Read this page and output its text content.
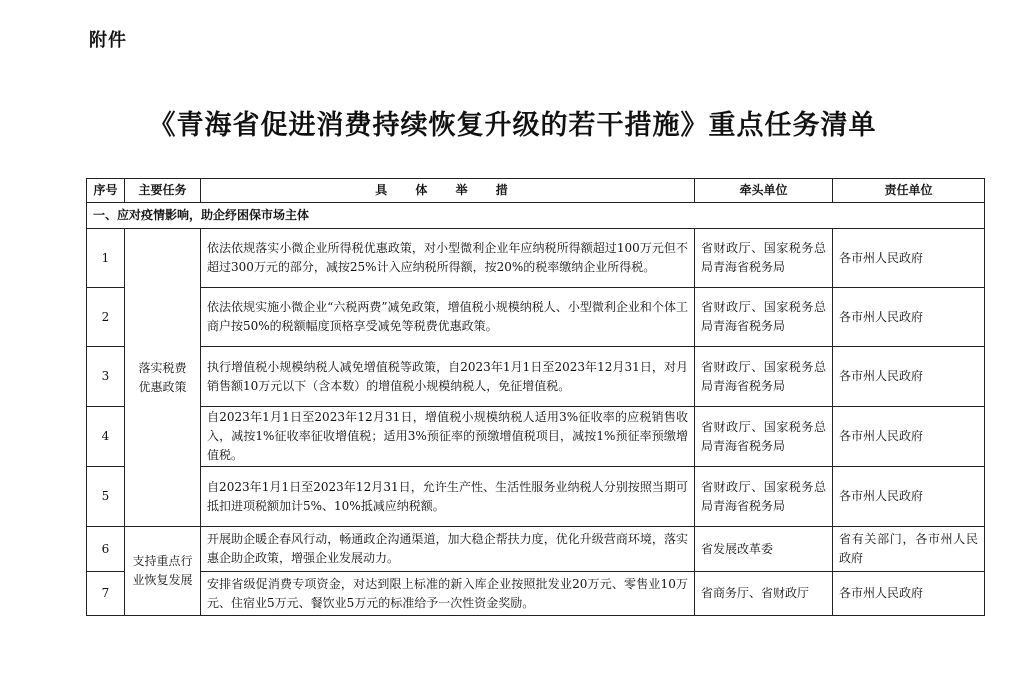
附件
《青海省促进消费持续恢复升级的若干措施》重点任务清单
序号	主要任务	具 体 举 措	牵头单位	责任单位
一、应对疫情影响，助企纾困保市场主体				
1	落实税费优惠政策	依法依规落实小微企业所得税优惠政策，对小型微利企业年应纳税所得额超过100万元但不超过300万元的部分，减按25%计入应纳税所得额，按20%的税率缴纳企业所得税。	省财政厅、国家税务总局青海省税务局	各市州人民政府
2		依法依规实施小微企业“六税两费”减免政策，增值税小规模纳税人、小型微利企业和个体工商户按50%的税额幅度顶格享受减免等税费优惠政策。	省财政厅、国家税务总局青海省税务局	各市州人民政府
3		执行增值税小规模纳税人减免增值税等政策，自2023年1月1日至2023年12月31日，对月销售额10万元以下（含本数）的增值税小规模纳税人，免征增值税。	省财政厅、国家税务总局青海省税务局	各市州人民政府
4		自2023年1月1日至2023年12月31日，增值税小规模纳税人适用3%征收率的应税销售收入，减按1%征收率征收增值税；适用3%预征率的预缴增值税项目，减按1%预征率预缴增值税。	省财政厅、国家税务总局青海省税务局	各市州人民政府
5		自2023年1月1日至2023年12月31日，允许生产性、生活性服务业纳税人分别按照当期可抵扣进项税额加计5%、10%抵减应纳税额。	省财政厅、国家税务总局青海省税务局	各市州人民政府
6	支持重点行业恢复发展	开展助企暖企春风行动，畅通政企沟通渠道，加大稳企帮扶力度，优化升级营商环境，落实惠企助企政策，增强企业发展动力。	省发展改革委	省有关部门，各市州人民政府
7		安排省级促消费专项资金，对达到限上标准的新入库企业按照批发业20万元、零售业10万元、住宿业5万元、餐饮业5万元的标准给予一次性资金奖励。	省商务厅、省财政厅	各市州人民政府
